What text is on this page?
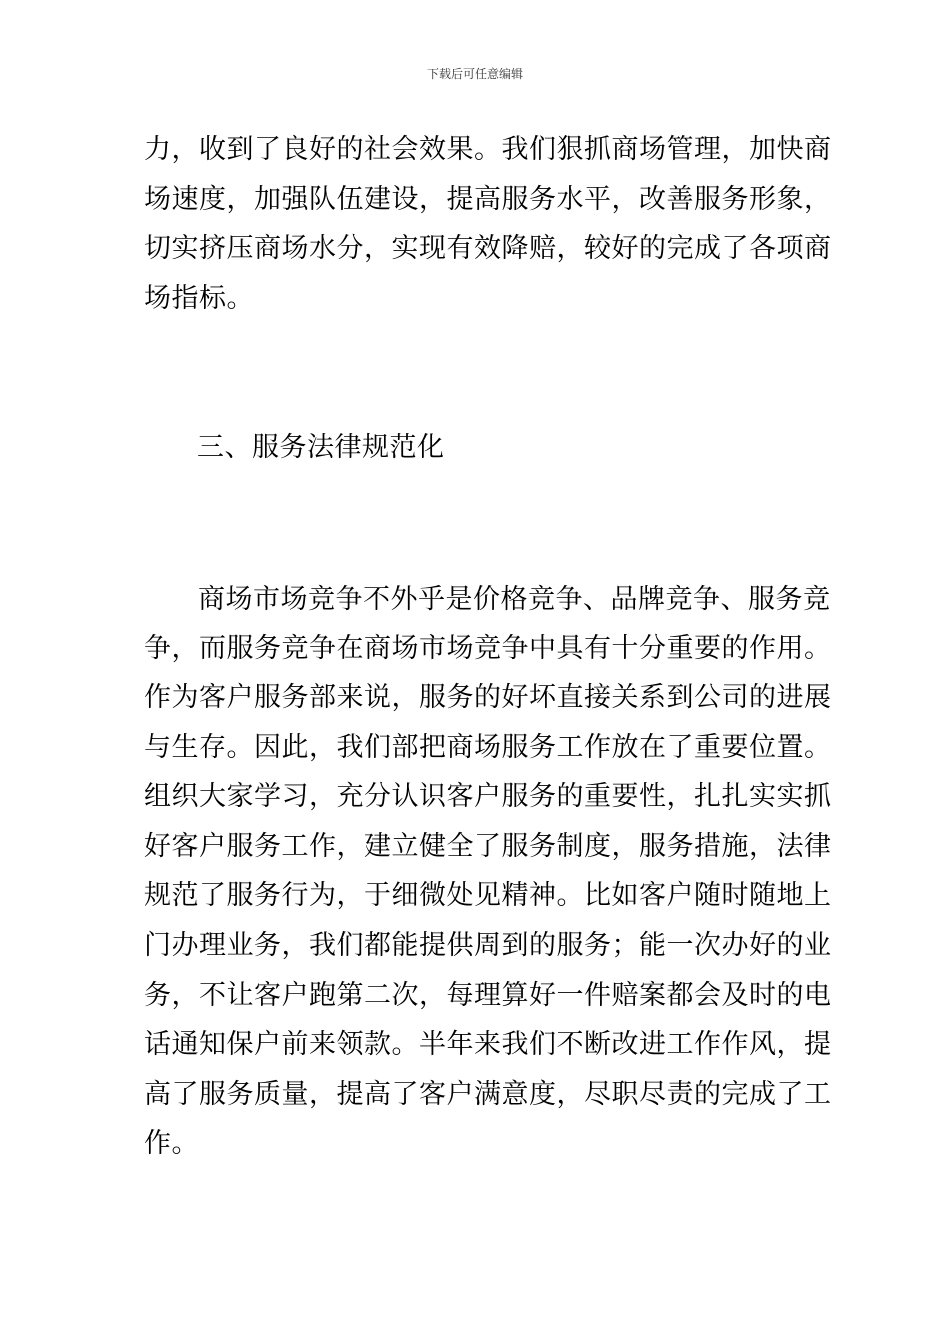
下载后可任意编辑
力，收到了良好的社会效果。我们狠抓商场管理，加快商
场速度，加强队伍建设，提高服务水平，改善服务形象，
切实挤压商场水分，实现有效降赔，较好的完成了各项商
场指标。
三、服务法律规范化
商场市场竞争不外乎是价格竞争、品牌竞争、服务竞
争，而服务竞争在商场市场竞争中具有十分重要的作用。
作为客户服务部来说，服务的好坏直接关系到公司的进展
与生存。因此，我们部把商场服务工作放在了重要位置。
组织大家学习，充分认识客户服务的重要性，扎扎实实抓
好客户服务工作，建立健全了服务制度，服务措施，法律
规范了服务行为，于细微处见精神。比如客户随时随地上
门办理业务，我们都能提供周到的服务；能一次办好的业
务，不让客户跑第二次，每理算好一件赔案都会及时的电
话通知保户前来领款。半年来我们不断改进工作作风，提
高了服务质量，提高了客户满意度，尽职尽责的完成了工
作。
